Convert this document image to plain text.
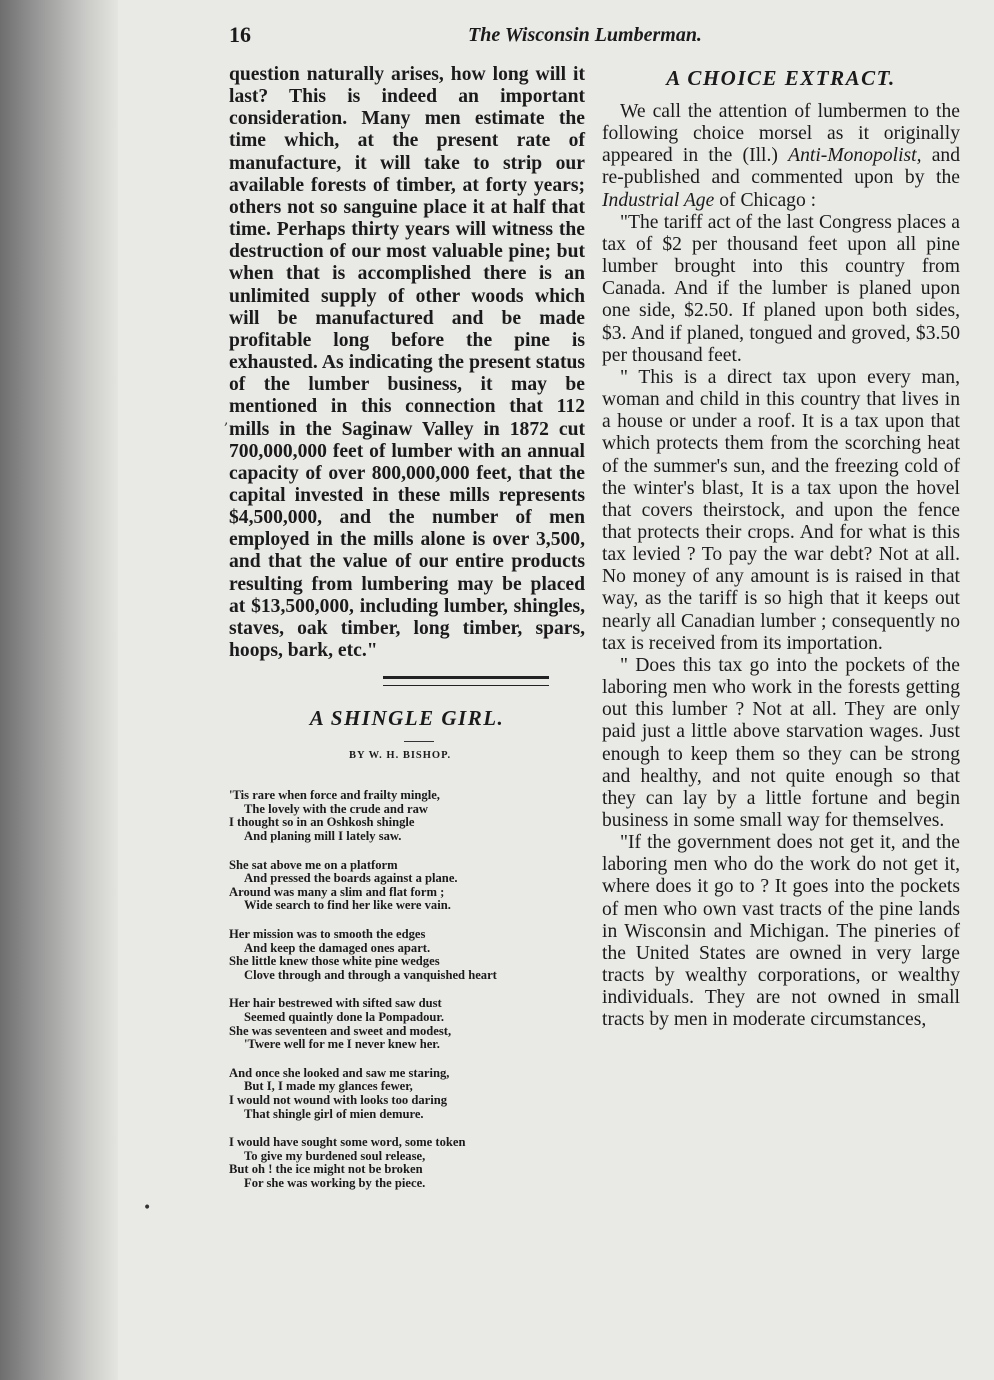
16	The Wisconsin Lumberman.
,
•

question naturally arises, how long will it last? This is indeed an important consideration. Many men estimate the time which, at the present rate of manufacture, it will take to strip our available forests of timber, at forty years; others not so sanguine place it at half that time. Perhaps thirty years will witness the destruction of our most valuable pine; but when that is accomplished there is an unlimited supply of other woods which will be manufactured and be made profitable long before the pine is exhausted. As indicating the present status of the lumber business, it may be mentioned in this connection that 112 mills in the Saginaw Valley in 1872 cut 700,000,000 feet of lumber with an annual capacity of over 800,000,000 feet, that the capital invested in these mills represents $4,500,000, and the number of men employed in the mills alone is over 3,500, and that the value of our entire products resulting from lumbering may be placed at $13,500,000, including lumber, shingles, staves, oak timber, long timber, spars, hoops, bark, etc."

A SHINGLE GIRL.
BY W. H. BISHOP.
'Tis rare when force and frailty mingle,
The lovely with the crude and raw
I thought so in an Oshkosh shingle
And planing mill I lately saw.
She sat above me on a platform
And pressed the boards against a plane.
Around was many a slim and flat form ;
Wide search to find her like were vain.
Her mission was to smooth the edges
And keep the damaged ones apart.
She little knew those white pine wedges
Clove through and through a vanquished heart
Her hair bestrewed with sifted saw dust
Seemed quaintly done la Pompadour.
She was seventeen and sweet and modest,
'Twere well for me I never knew her.
And once she looked and saw me staring,
But I, I made my glances fewer,
I would not wound with looks too daring
That shingle girl of mien demure.
I would have sought some word, some token
To give my burdened soul release,
But oh ! the ice might not be broken
For she was working by the piece.
A CHOICE EXTRACT.

We call the attention of lumbermen to the following choice morsel as it originally appeared in the (Ill.) Anti-Monopolist, and re-published and commented upon by the Industrial Age of Chicago :

"The tariff act of the last Congress places a tax of $2 per thousand feet upon all pine lumber brought into this country from Canada. And if the lumber is planed upon one side, $2.50. If planed upon both sides, $3. And if planed, tongued and groved, $3.50 per thousand feet.

" This is a direct tax upon every man, woman and child in this country that lives in a house or under a roof. It is a tax upon that which protects them from the scorching heat of the summer's sun, and the freezing cold of the winter's blast, It is a tax upon the hovel that covers theirstock, and upon the fence that protects their crops. And for what is this tax levied ? To pay the war debt? Not at all. No money of any amount is is raised in that way, as the tariff is so high that it keeps out nearly all Canadian lumber ; consequently no tax is received from its importation.

" Does this tax go into the pockets of the laboring men who work in the forests getting out this lumber ? Not at all. They are only paid just a little above starvation wages. Just enough to keep them so they can be strong and healthy, and not quite enough so that they can lay by a little fortune and begin business in some small way for themselves.

"If the government does not get it, and the laboring men who do the work do not get it, where does it go to ? It goes into the pockets of men who own vast tracts of the pine lands in Wisconsin and Michigan. The pineries of the United States are owned in very large tracts by wealthy corporations, or wealthy individuals. They are not owned in small tracts by men in moderate circumstances,
